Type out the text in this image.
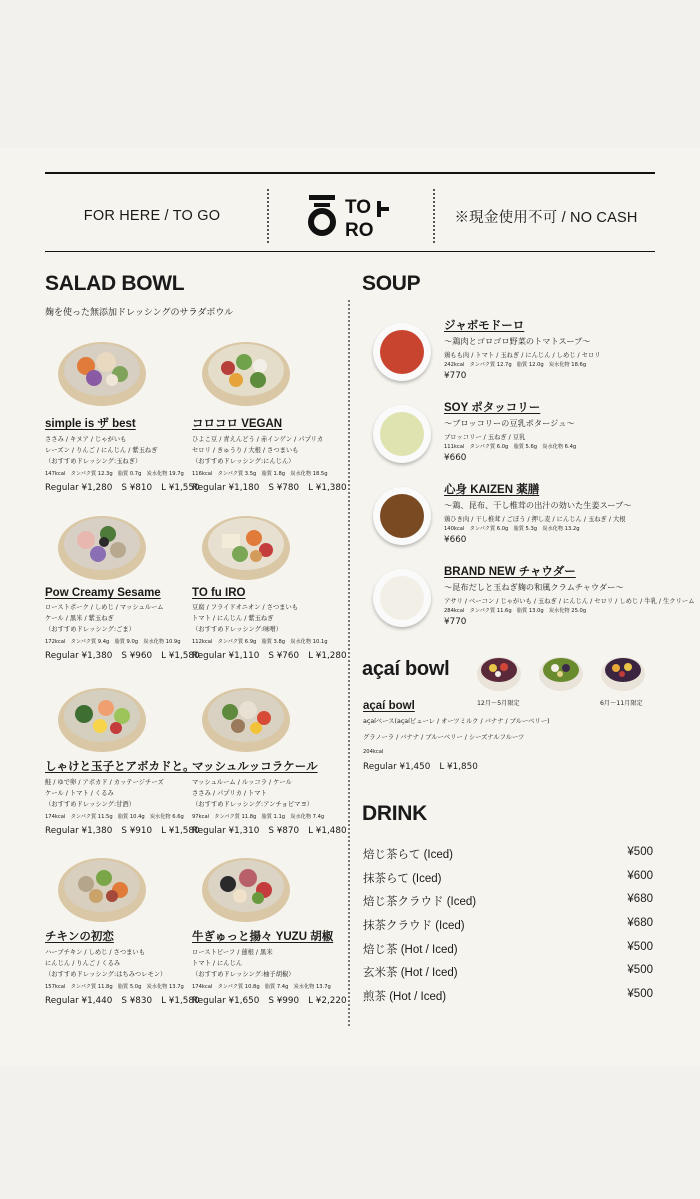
FOR HERE / TO GO	TO
RO
※現金使用不可 / NO CASH
SALAD BOWL
麹を使った無添加ドレッシングのサラダボウル
simple is ザ best
ささみ / キヌア / じゃがいも
レーズン / りんご / にんじん / 紫玉ねぎ
（おすすめドレッシング:玉ねぎ）
147kcal　タンパク質 12.3g　脂質 0.7g　炭水化物 19.7g
Regular ¥1,280 S ¥810 L ¥1,550
コロコロ VEGAN
ひよこ豆 / 青えんどう / 赤インゲン / パプリカ
セロリ / きゅうり / 大根 / さつまいも
（おすすめドレッシング:にんじん）
116kcal　タンパク質 3.5g　脂質 1.8g　炭水化物 18.5g
Regular ¥1,180 S ¥780 L ¥1,380
Pow Creamy Sesame
ローストポーク / しめじ / マッシュルーム
ケール / 黒米 / 紫玉ねぎ
（おすすめドレッシング:ごま）
172kcal　タンパク質 9.4g　脂質 9.0g　炭水化物 10.9g
Regular ¥1,380 S ¥960 L ¥1,580
TO fu IRO
豆腐 / フライドオニオン / さつまいも
トマト / にんじん / 紫玉ねぎ
（おすすめドレッシング:味噌）
112kcal　タンパク質 6.9g　脂質 3.8g　炭水化物 10.1g
Regular ¥1,110 S ¥760 L ¥1,280
しゃけと玉子とアボカドと。
鮭 / ゆで卵 / アボカド / カッテージチーズ
ケール / トマト / くるみ
（おすすめドレッシング:甘酒）
174kcal　タンパク質 11.5g　脂質 10.4g　炭水化物 6.6g
Regular ¥1,380 S ¥910 L ¥1,580
マッシュルッコラケール
マッシュルーム / ルッコラ / ケール
ささみ / パプリカ / トマト
（おすすめドレッシング:アンチョビマヨ）
97kcal　タンパク質 11.8g　脂質 1.1g　炭水化物 7.4g
Regular ¥1,310 S ¥870 L ¥1,480
チキンの初恋
ハーブチキン / しめじ / さつまいも
にんじん / りんご / くるみ
（おすすめドレッシング:はちみつレモン）
157kcal　タンパク質 11.8g　脂質 5.0g　炭水化物 13.7g
Regular ¥1,440 S ¥830 L ¥1,580
牛ぎゅっと揚々 YUZU 胡椒
ローストビーフ / 蓮根 / 黒米
トマト / にんじん
（おすすめドレッシング:柚子胡椒）
174kcal　タンパク質 10.8g　脂質 7.4g　炭水化物 13.7g
Regular ¥1,650 S ¥990 L ¥2,220
SOUP
ジャボモドーロ
〜鶏肉とゴロゴロ野菜のトマトスープ〜
鶏もも肉 / トマト / 玉ねぎ / にんじん / しめじ / セロリ
242kcal　タンパク質 12.7g　脂質 12.0g　炭水化物 18.6g
¥770
SOY ポタッコリー
〜ブロッコリーの豆乳ポタージュ〜
ブロッコリー / 玉ねぎ / 豆乳
111kcal　タンパク質 6.0g　脂質 5.6g　炭水化物 6.4g
¥660
心身 KAIZEN 薬膳
〜鶏、昆布、干し椎茸の出汁の効いた生姜スープ〜
鶏ひき肉 / 干し椎茸 / ごぼう / 押し麦 / にんじん / 玉ねぎ / 大根
140kcal　タンパク質 6.0g　脂質 5.3g　炭水化物 13.2g
¥660
BRAND NEW チャウダー
〜昆布だしと玉ねぎ麹の和風クラムチャウダー〜
アサリ / ベーコン / じゃがいも / 玉ねぎ / にんじん / セロリ / しめじ / 牛乳 / 生クリーム
284kcal　タンパク質 11.6g　脂質 13.0g　炭水化物 25.0g
¥770
açaí bowl
12月〜5月限定	6月〜11月限定
açaí bowl
açaíベース(açaíピューレ / オーツミルク / バナナ / ブルーベリー)
グラノーラ / バナナ / ブルーベリー / シーズナルフルーツ
204kcal
Regular ¥1,450 L ¥1,850
DRINK
焙じ茶らて (Iced)	¥500
抹茶らて (Iced)	¥600
焙じ茶クラウド (Iced)	¥680
抹茶クラウド (Iced)	¥680
焙じ茶 (Hot / Iced)	¥500
玄米茶 (Hot / Iced)	¥500
煎茶 (Hot / Iced)	¥500
